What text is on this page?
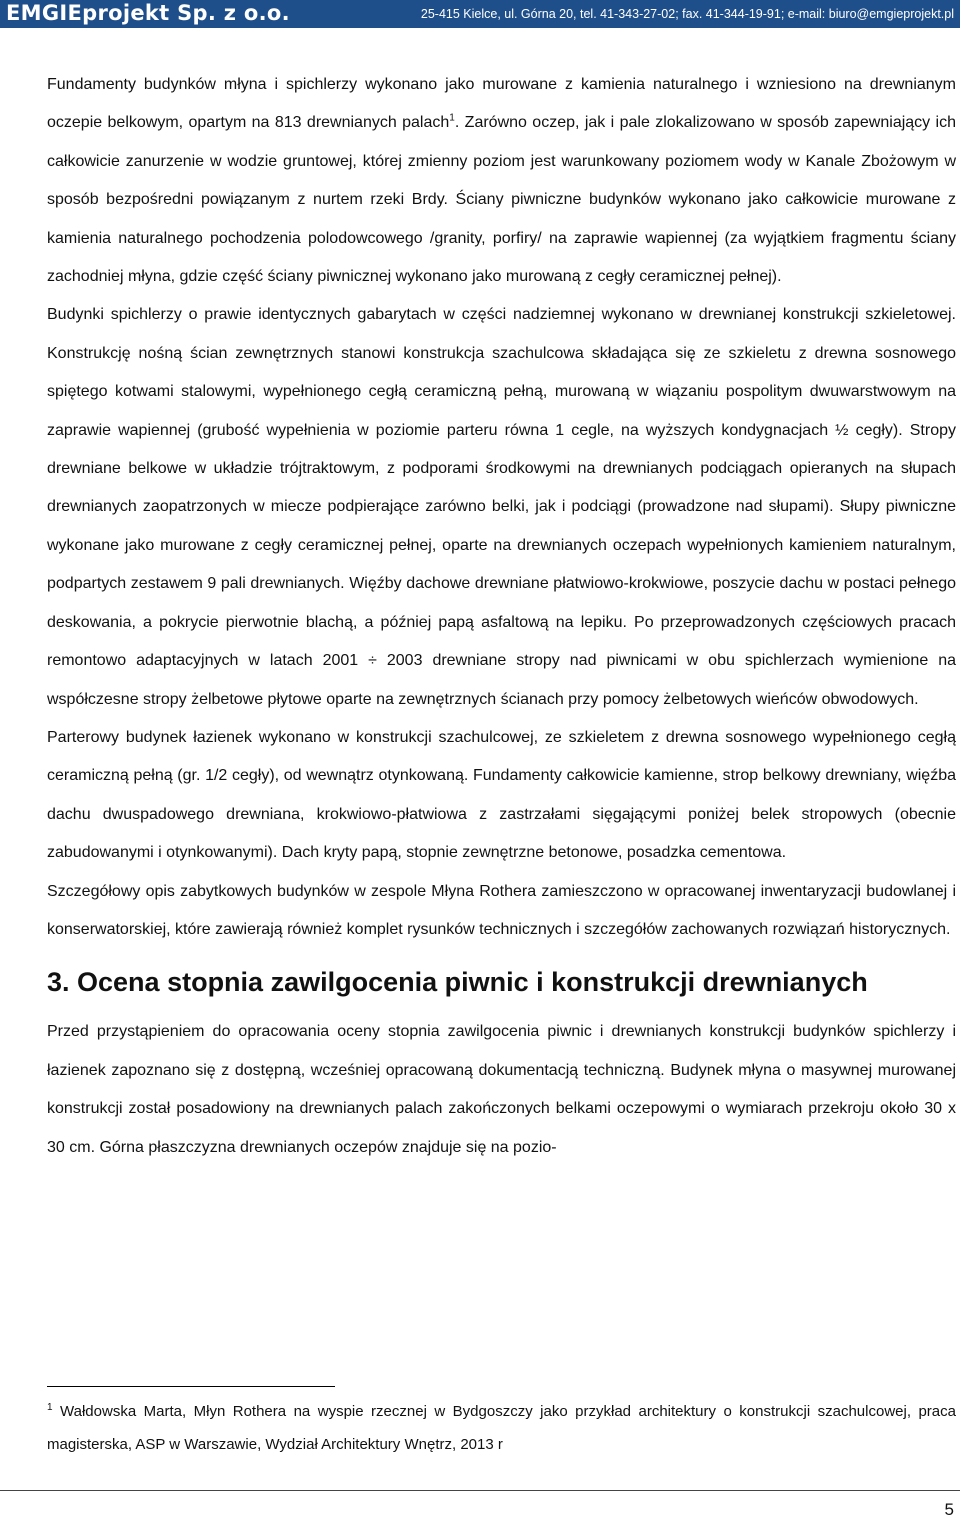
EMGIEprojekt Sp. z o.o.	25-415 Kielce, ul. Górna 20, tel. 41-343-27-02; fax. 41-344-19-91; e-mail: biuro@emgieprojekt.pl

Fundamenty budynków młyna i spichlerzy wykonano jako murowane z kamienia naturalnego i wzniesiono na drewnianym oczepie belkowym, opartym na 813 drewnianych palach$^1$. Zarówno oczep, jak i pale zlokalizowano w sposób zapewniający ich całkowicie zanurzenie w wodzie gruntowej, której zmienny poziom jest warunkowany poziomem wody w Kanale Zbożowym w sposób bezpośredni powiązanym z nurtem rzeki Brdy. Ściany piwniczne budynków wykonano jako całkowicie murowane z kamienia naturalnego pochodzenia polodowcowego /granity, porfiry/ na zaprawie wapiennej (za wyjątkiem fragmentu ściany zachodniej młyna, gdzie część ściany piwnicznej wykonano jako murowaną z cegły ceramicznej pełnej).

Budynki spichlerzy o prawie identycznych gabarytach w części nadziemnej wykonano w drewnianej konstrukcji szkieletowej. Konstrukcję nośną ścian zewnętrznych stanowi konstrukcja szachulcowa składająca się ze szkieletu z drewna sosnowego spiętego kotwami stalowymi, wypełnionego cegłą ceramiczną pełną, murowaną w wiązaniu pospolitym dwuwarstwowym na zaprawie wapiennej (grubość wypełnienia w poziomie parteru równa 1 cegle, na wyższych kondygnacjach ½ cegły). Stropy drewniane belkowe w układzie trójtraktowym, z podporami środkowymi na drewnianych podciągach opieranych na słupach drewnianych zaopatrzonych w miecze podpierające zarówno belki, jak i podciągi (prowadzone nad słupami). Słupy piwniczne wykonane jako murowane z cegły ceramicznej pełnej, oparte na drewnianych oczepach wypełnionych kamieniem naturalnym, podpartych zestawem 9 pali drewnianych. Więźby dachowe drewniane płatwiowo-krokwiowe, poszycie dachu w postaci pełnego deskowania, a pokrycie pierwotnie blachą, a później papą asfaltową na lepiku. Po przeprowadzonych częściowych pracach remontowo adaptacyjnych w latach 2001 ÷ 2003 drewniane stropy nad piwnicami w obu spichlerzach wymienione na współczesne stropy żelbetowe płytowe oparte na zewnętrznych ścianach przy pomocy żelbetowych wieńców obwodowych.

Parterowy budynek łazienek wykonano w konstrukcji szachulcowej, ze szkieletem z drewna sosnowego wypełnionego cegłą ceramiczną pełną (gr. 1/2 cegły), od wewnątrz otynkowaną. Fundamenty całkowicie kamienne, strop belkowy drewniany, więźba dachu dwuspadowego drewniana, krokwiowo-płatwiowa z zastrzałami sięgającymi poniżej belek stropowych (obecnie zabudowanymi i otynkowanymi). Dach kryty papą, stopnie zewnętrzne betonowe, posadzka cementowa.

Szczegółowy opis zabytkowych budynków w zespole Młyna Rothera zamieszczono w opracowanej inwentaryzacji budowlanej i konserwatorskiej, które zawierają również komplet rysunków technicznych i szczegółów zachowanych rozwiązań historycznych.

3. Ocena stopnia zawilgocenia piwnic i konstrukcji drewnianych

Przed przystąpieniem do opracowania oceny stopnia zawilgocenia piwnic i drewnianych konstrukcji budynków spichlerzy i łazienek zapoznano się z dostępną, wcześniej opracowaną dokumentacją techniczną. Budynek młyna o masywnej murowanej konstrukcji został posadowiony na drewnianych palach zakończonych belkami oczepowymi o wymiarach przekroju około 30 x 30 cm. Górna płaszczyzna drewnianych oczepów znajduje się na pozio-

$^1$ Wałdowska Marta, Młyn Rothera na wyspie rzecznej w Bydgoszczy jako przykład architektury o konstrukcji szachulcowej, praca magisterska, ASP w Warszawie, Wydział Architektury Wnętrz, 2013 r
5
